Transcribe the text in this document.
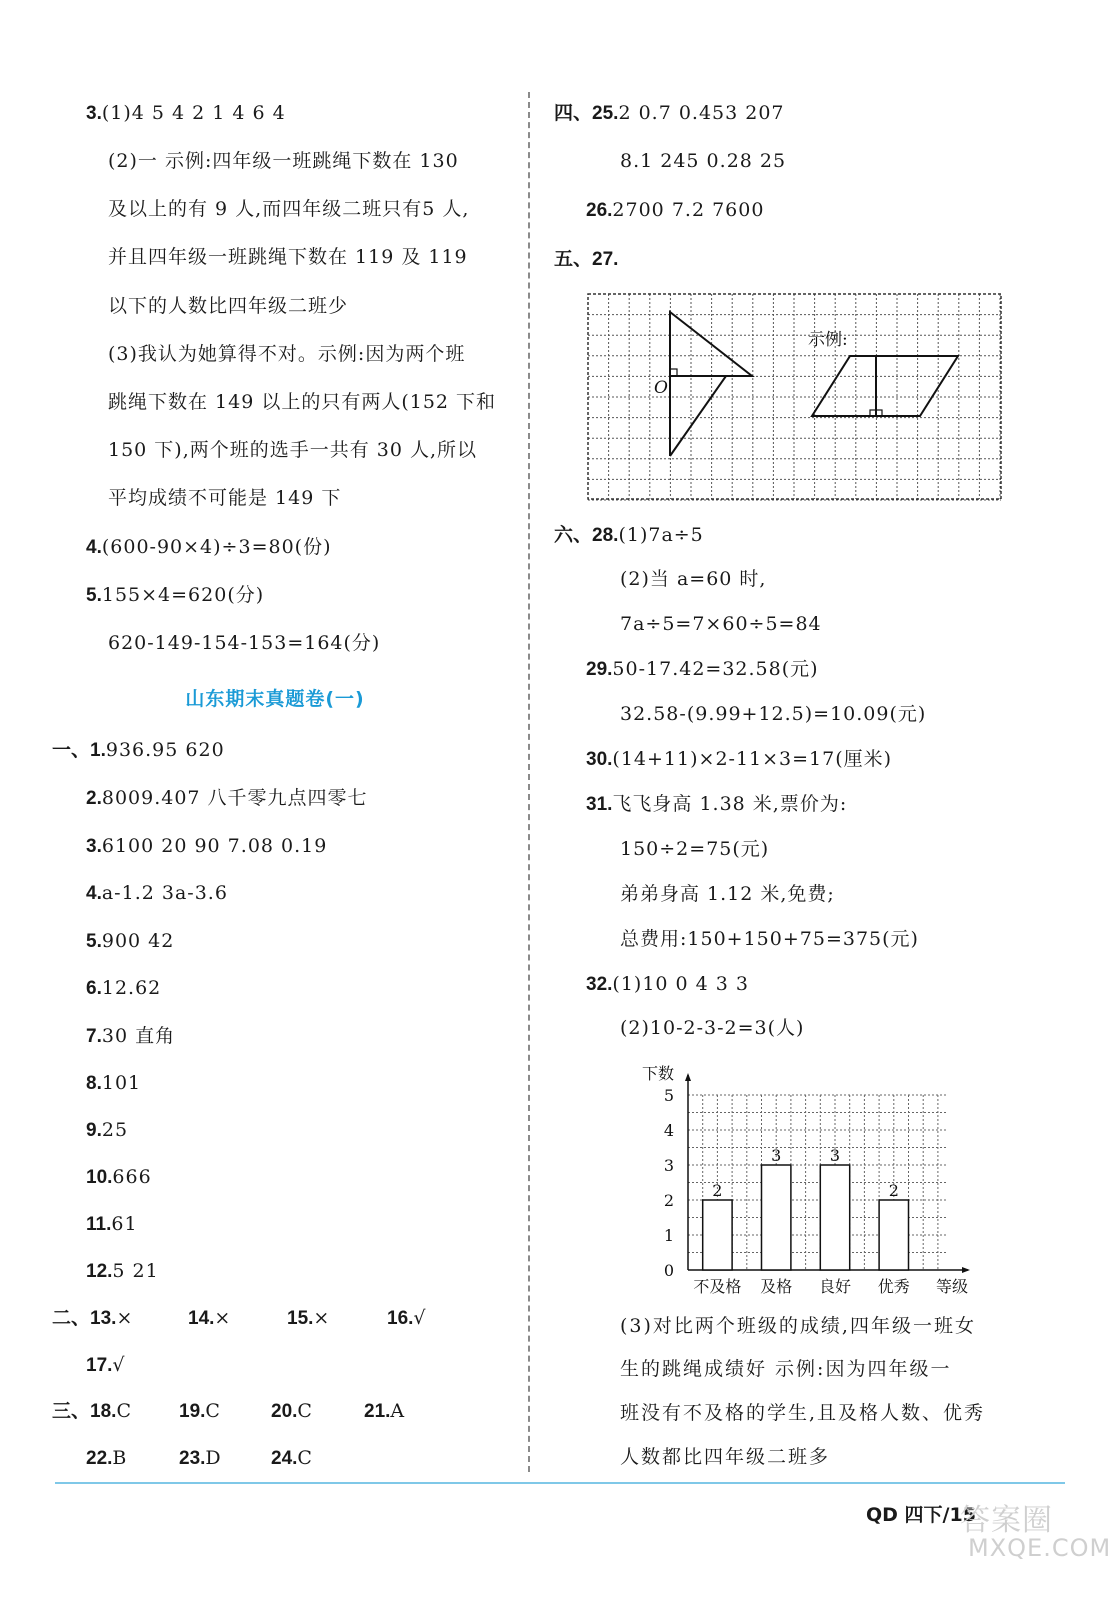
3.(1)4 5 4 2 1 4 6 4
(2)一 示例:四年级一班跳绳下数在 130
及以上的有 9 人,而四年级二班只有5 人,
并且四年级一班跳绳下数在 119 及 119
以下的人数比四年级二班少
(3)我认为她算得不对。示例:因为两个班
跳绳下数在 149 以上的只有两人(152 下和
150 下),两个班的选手一共有 30 人,所以
平均成绩不可能是 149 下
4.(600-90×4)÷3=80(份)
5.155×4=620(分)
620-149-154-153=164(分)
山东期末真题卷(一)
一、1.936.95 620
2.8009.407 八千零九点四零七
3.6100 20 90 7.08 0.19
4.a-1.2 3a-3.6
5.900 42
6.12.62
7.30 直角
8.101
9.25
10.666
11.61
12.5 21
二、13.×	14.×	15.×	16.√
17.√
三、18.C 19.C	20.C	21.A
22.B	23.D	24.C
四、25.2 0.7 0.453 207
8.1 245 0.28 25
26.2700 7.2 7600
五、27.
O
示例:
六、28.(1)7a÷5
(2)当 a=60 时,
7a÷5=7×60÷5=84
29.50-17.42=32.58(元)
32.58-(9.99+12.5)=10.09(元)
30.(14+11)×2-11×3=17(厘米)
31.飞飞身高 1.38 米,票价为:
150÷2=75(元)
弟弟身高 1.12 米,免费;
总费用:150+150+75=375(元)
32.(1)10 0 4 3 3
(2)10-2-3-2=3(人)
0
1
2
3
4
5
下数
等级
2
不及格
3
及格
3
良好
2
优秀
(3)对比两个班级的成绩,四年级一班女
生的跳绳成绩好 示例:因为四年级一
班没有不及格的学生,且及格人数、优秀
人数都比四年级二班多
QD 四下/15
答案圈
MXQE.COM
